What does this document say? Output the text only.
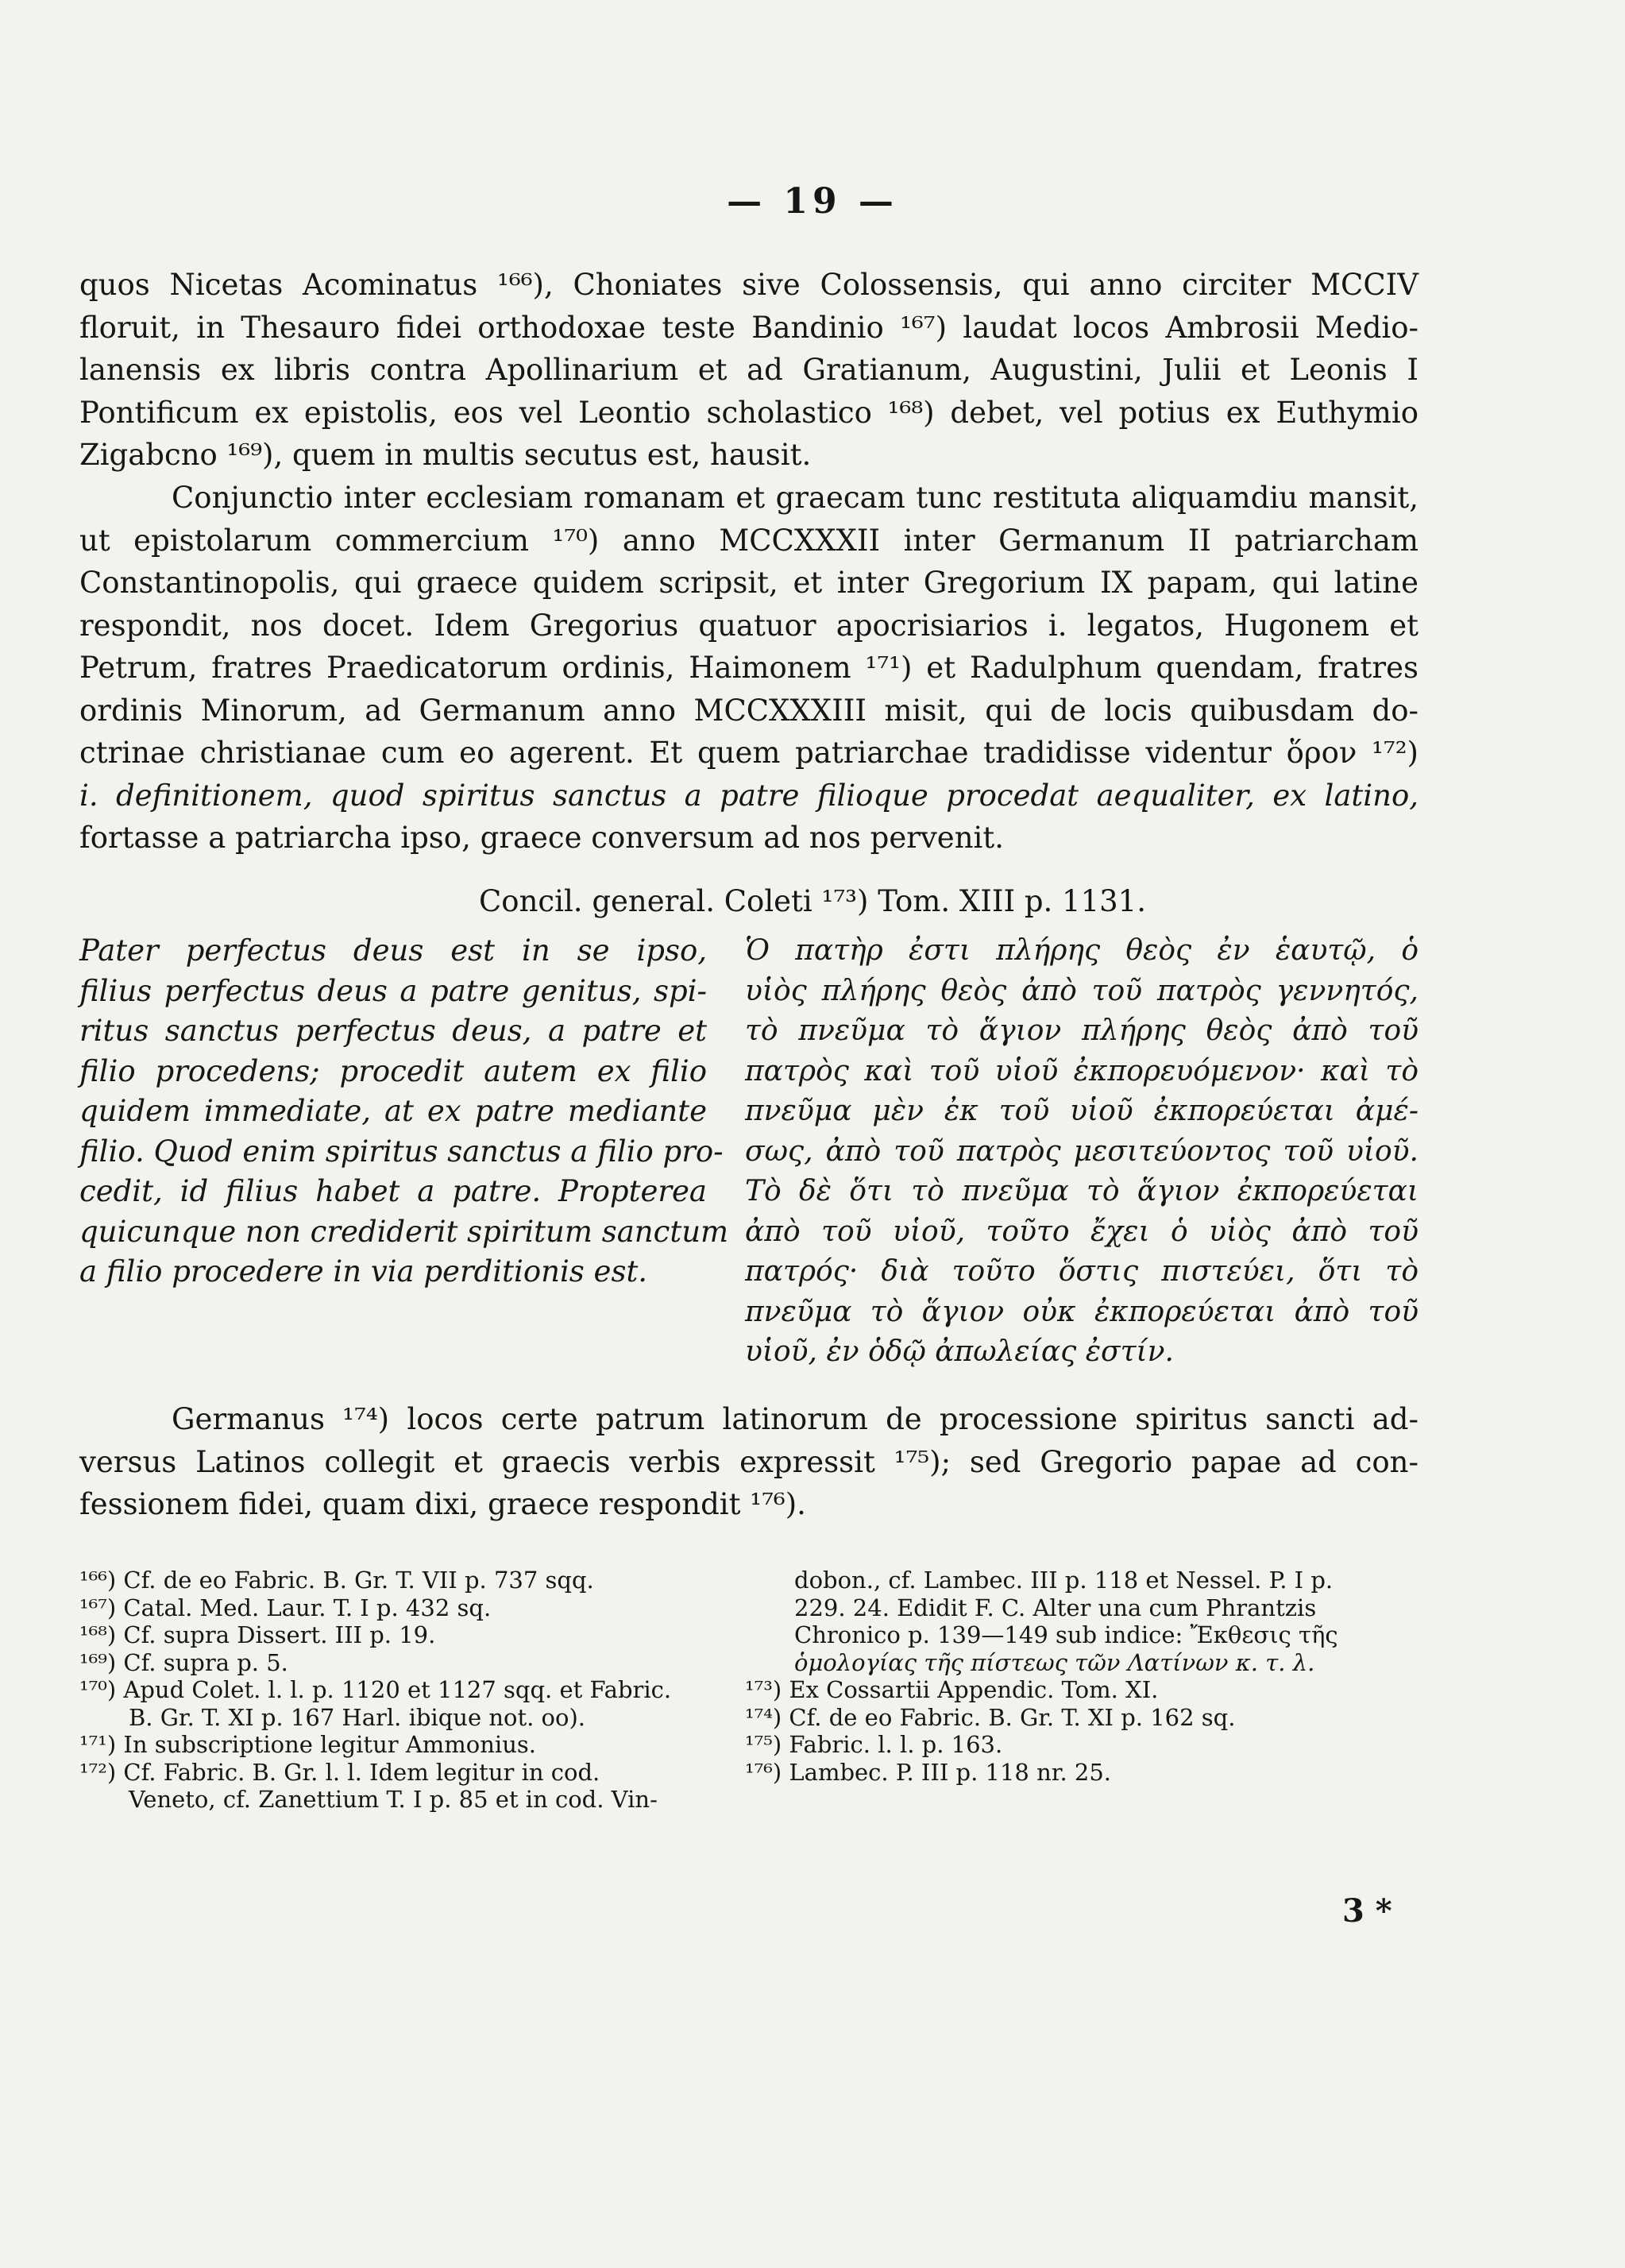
— 19 —
quos Nicetas Acominatus ¹⁶⁶), Choniates sive Colossensis, qui anno circiter MCCIV
floruit, in Thesauro fidei orthodoxae teste Bandinio ¹⁶⁷) laudat locos Ambrosii Medio-
lanensis ex libris contra Apollinarium et ad Gratianum, Augustini, Julii et Leonis I
Pontificum ex epistolis, eos vel Leontio scholastico ¹⁶⁸) debet, vel potius ex Euthymio
Zigabcno ¹⁶⁹), quem in multis secutus est, hausit.
Conjunctio inter ecclesiam romanam et graecam tunc restituta aliquamdiu mansit,
ut epistolarum commercium ¹⁷⁰) anno MCCXXXII inter Germanum II patriarcham
Constantinopolis, qui graece quidem scripsit, et inter Gregorium IX papam, qui latine
respondit, nos docet. Idem Gregorius quatuor apocrisiarios i. legatos, Hugonem et
Petrum, fratres Praedicatorum ordinis, Haimonem ¹⁷¹) et Radulphum quendam, fratres
ordinis Minorum, ad Germanum anno MCCXXXIII misit, qui de locis quibusdam do-
ctrinae christianae cum eo agerent. Et quem patriarchae tradidisse videntur ὅρον ¹⁷²)
i. definitionem, quod spiritus sanctus a patre filioque procedat aequaliter, ex latino,
fortasse a patriarcha ipso, graece conversum ad nos pervenit.
Concil. general. Coleti ¹⁷³) Tom. XIII p. 1131.
Pater perfectus deus est in se ipso,
filius perfectus deus a patre genitus, spi-
ritus sanctus perfectus deus, a patre et
filio procedens; procedit autem ex filio
quidem immediate, at ex patre mediante
filio. Quod enim spiritus sanctus a filio pro-
cedit, id filius habet a patre. Propterea
quicunque non crediderit spiritum sanctum
a filio procedere in via perditionis est.
Ὁ πατὴρ ἐστι πλήρης θεὸς ἐν ἑαυτῷ, ὁ
υἱὸς πλήρης θεὸς ἀπὸ τοῦ πατρὸς γεννητός,
τὸ πνεῦμα τὸ ἅγιον πλήρης θεὸς ἀπὸ τοῦ
πατρὸς καὶ τοῦ υἱοῦ ἐκπορευόμενον· καὶ τὸ
πνεῦμα μὲν ἐκ τοῦ υἱοῦ ἐκπορεύεται ἀμέ-
σως, ἀπὸ τοῦ πατρὸς μεσιτεύοντος τοῦ υἱοῦ.
Τὸ δὲ ὅτι τὸ πνεῦμα τὸ ἅγιον ἐκπορεύεται
ἀπὸ τοῦ υἱοῦ, τοῦτο ἔχει ὁ υἱὸς ἀπὸ τοῦ
πατρός· διὰ τοῦτο ὅστις πιστεύει, ὅτι τὸ
πνεῦμα τὸ ἅγιον οὐκ ἐκπορεύεται ἀπὸ τοῦ
υἱοῦ, ἐν ὁδῷ ἀπωλείας ἐστίν.
Germanus ¹⁷⁴) locos certe patrum latinorum de processione spiritus sancti ad-
versus Latinos collegit et graecis verbis expressit ¹⁷⁵); sed Gregorio papae ad con-
fessionem fidei, quam dixi, graece respondit ¹⁷⁶).
¹⁶⁶) Cf. de eo Fabric. B. Gr. T. VII p. 737 sqq.
¹⁶⁷) Catal. Med. Laur. T. I p. 432 sq.
¹⁶⁸) Cf. supra Dissert. III p. 19.
¹⁶⁹) Cf. supra p. 5.
¹⁷⁰) Apud Colet. l. l. p. 1120 et 1127 sqq. et Fabric.
B. Gr. T. XI p. 167 Harl. ibique not. oo).
¹⁷¹) In subscriptione legitur Ammonius.
¹⁷²) Cf. Fabric. B. Gr. l. l. Idem legitur in cod.
Veneto, cf. Zanettium T. I p. 85 et in cod. Vin-
dobon., cf. Lambec. III p. 118 et Nessel. P. I p.
229. 24. Edidit F. C. Alter una cum Phrantzis
Chronico p. 139—149 sub indice: Ἔκθεσις τῆς
ὁμολογίας τῆς πίστεως τῶν Λατίνων κ. τ. λ.
¹⁷³) Ex Cossartii Appendic. Tom. XI.
¹⁷⁴) Cf. de eo Fabric. B. Gr. T. XI p. 162 sq.
¹⁷⁵) Fabric. l. l. p. 163.
¹⁷⁶) Lambec. P. III p. 118 nr. 25.
3 *
